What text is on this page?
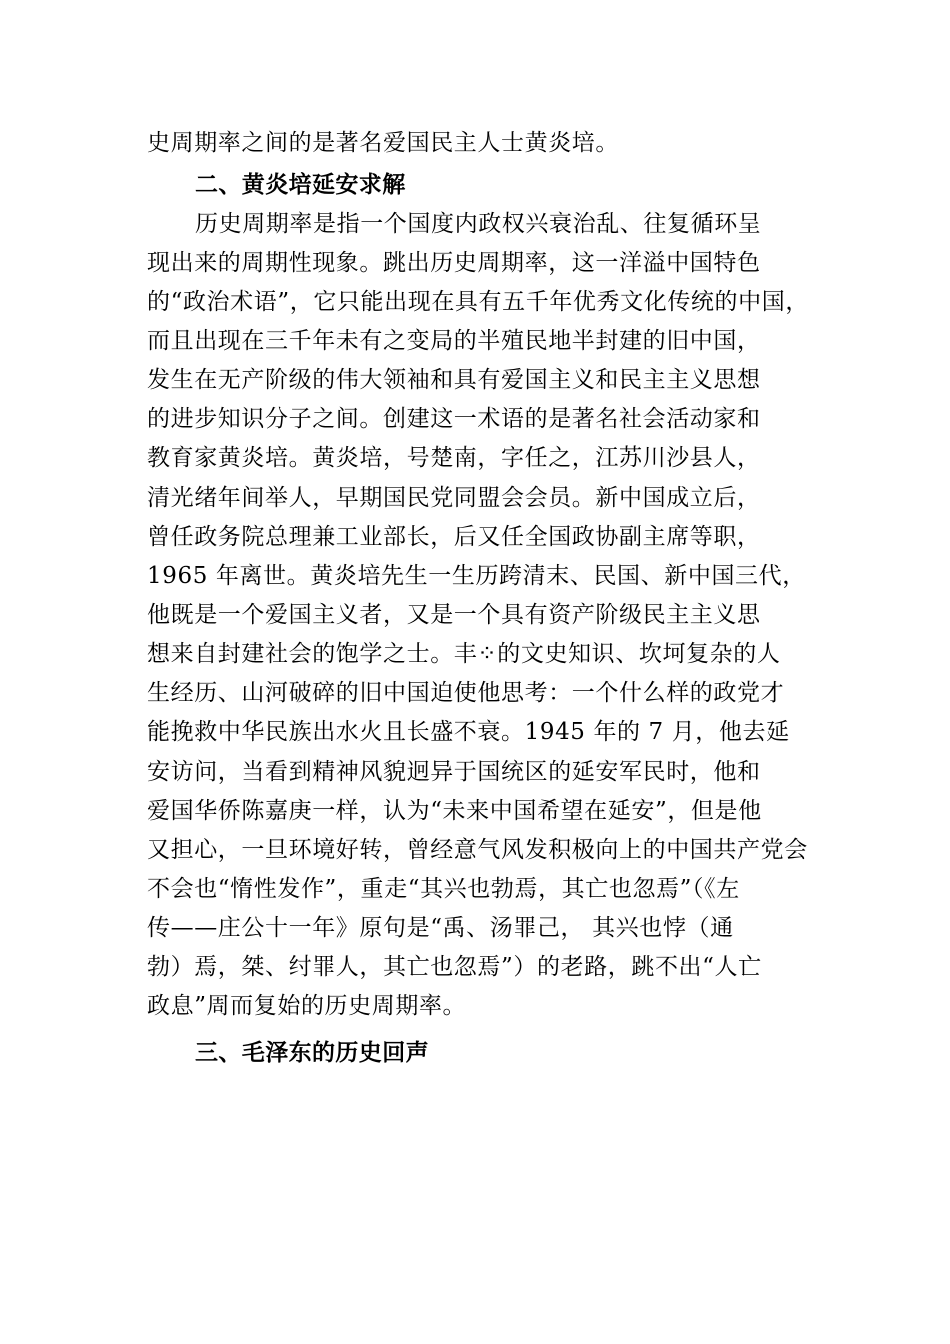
史周期率之间的是著名爱国民主人士黄炎培。
二、黄炎培延安求解
历史周期率是指一个国度内政权兴衰治乱、往复循环呈
现出来的周期性现象。跳出历史周期率，这一洋溢中国特色
的“政治术语”，它只能出现在具有五千年优秀文化传统的中国，
而且出现在三千年未有之变局的半殖民地半封建的旧中国，
发生在无产阶级的伟大领袖和具有爱国主义和民主主义思想
的进步知识分子之间。创建这一术语的是著名社会活动家和
教育家黄炎培。黄炎培，号楚南，字任之，江苏川沙县人，
清光绪年间举人，早期国民党同盟会会员。新中国成立后，
曾任政务院总理兼工业部长，后又任全国政协副主席等职，
1965 年离世。黄炎培先生一生历跨清末、民国、新中国三代，
他既是一个爱国主义者，又是一个具有资产阶级民主主义思
想来自封建社会的饱学之士。丰⁘的文史知识、坎坷复杂的人
生经历、山河破碎的旧中国迫使他思考：一个什么样的政党才
能挽救中华民族出水火且长盛不衰。1945 年的 7 月，他去延
安访问，当看到精神风貌迥异于国统区的延安军民时，他和
爱国华侨陈嘉庚一样，认为“未来中国希望在延安”，但是他
又担心，一旦环境好转，曾经意气风发积极向上的中国共产党会
不会也“惰性发作”，重走“其兴也勃焉，其亡也忽焉”（《左
传——庄公十一年》原句是“禹、汤罪己， 其兴也悖（通
勃）焉，桀、纣罪人，其亡也忽焉”）的老路，跳不出“人亡
政息”周而复始的历史周期率。
三、毛泽东的历史回声
